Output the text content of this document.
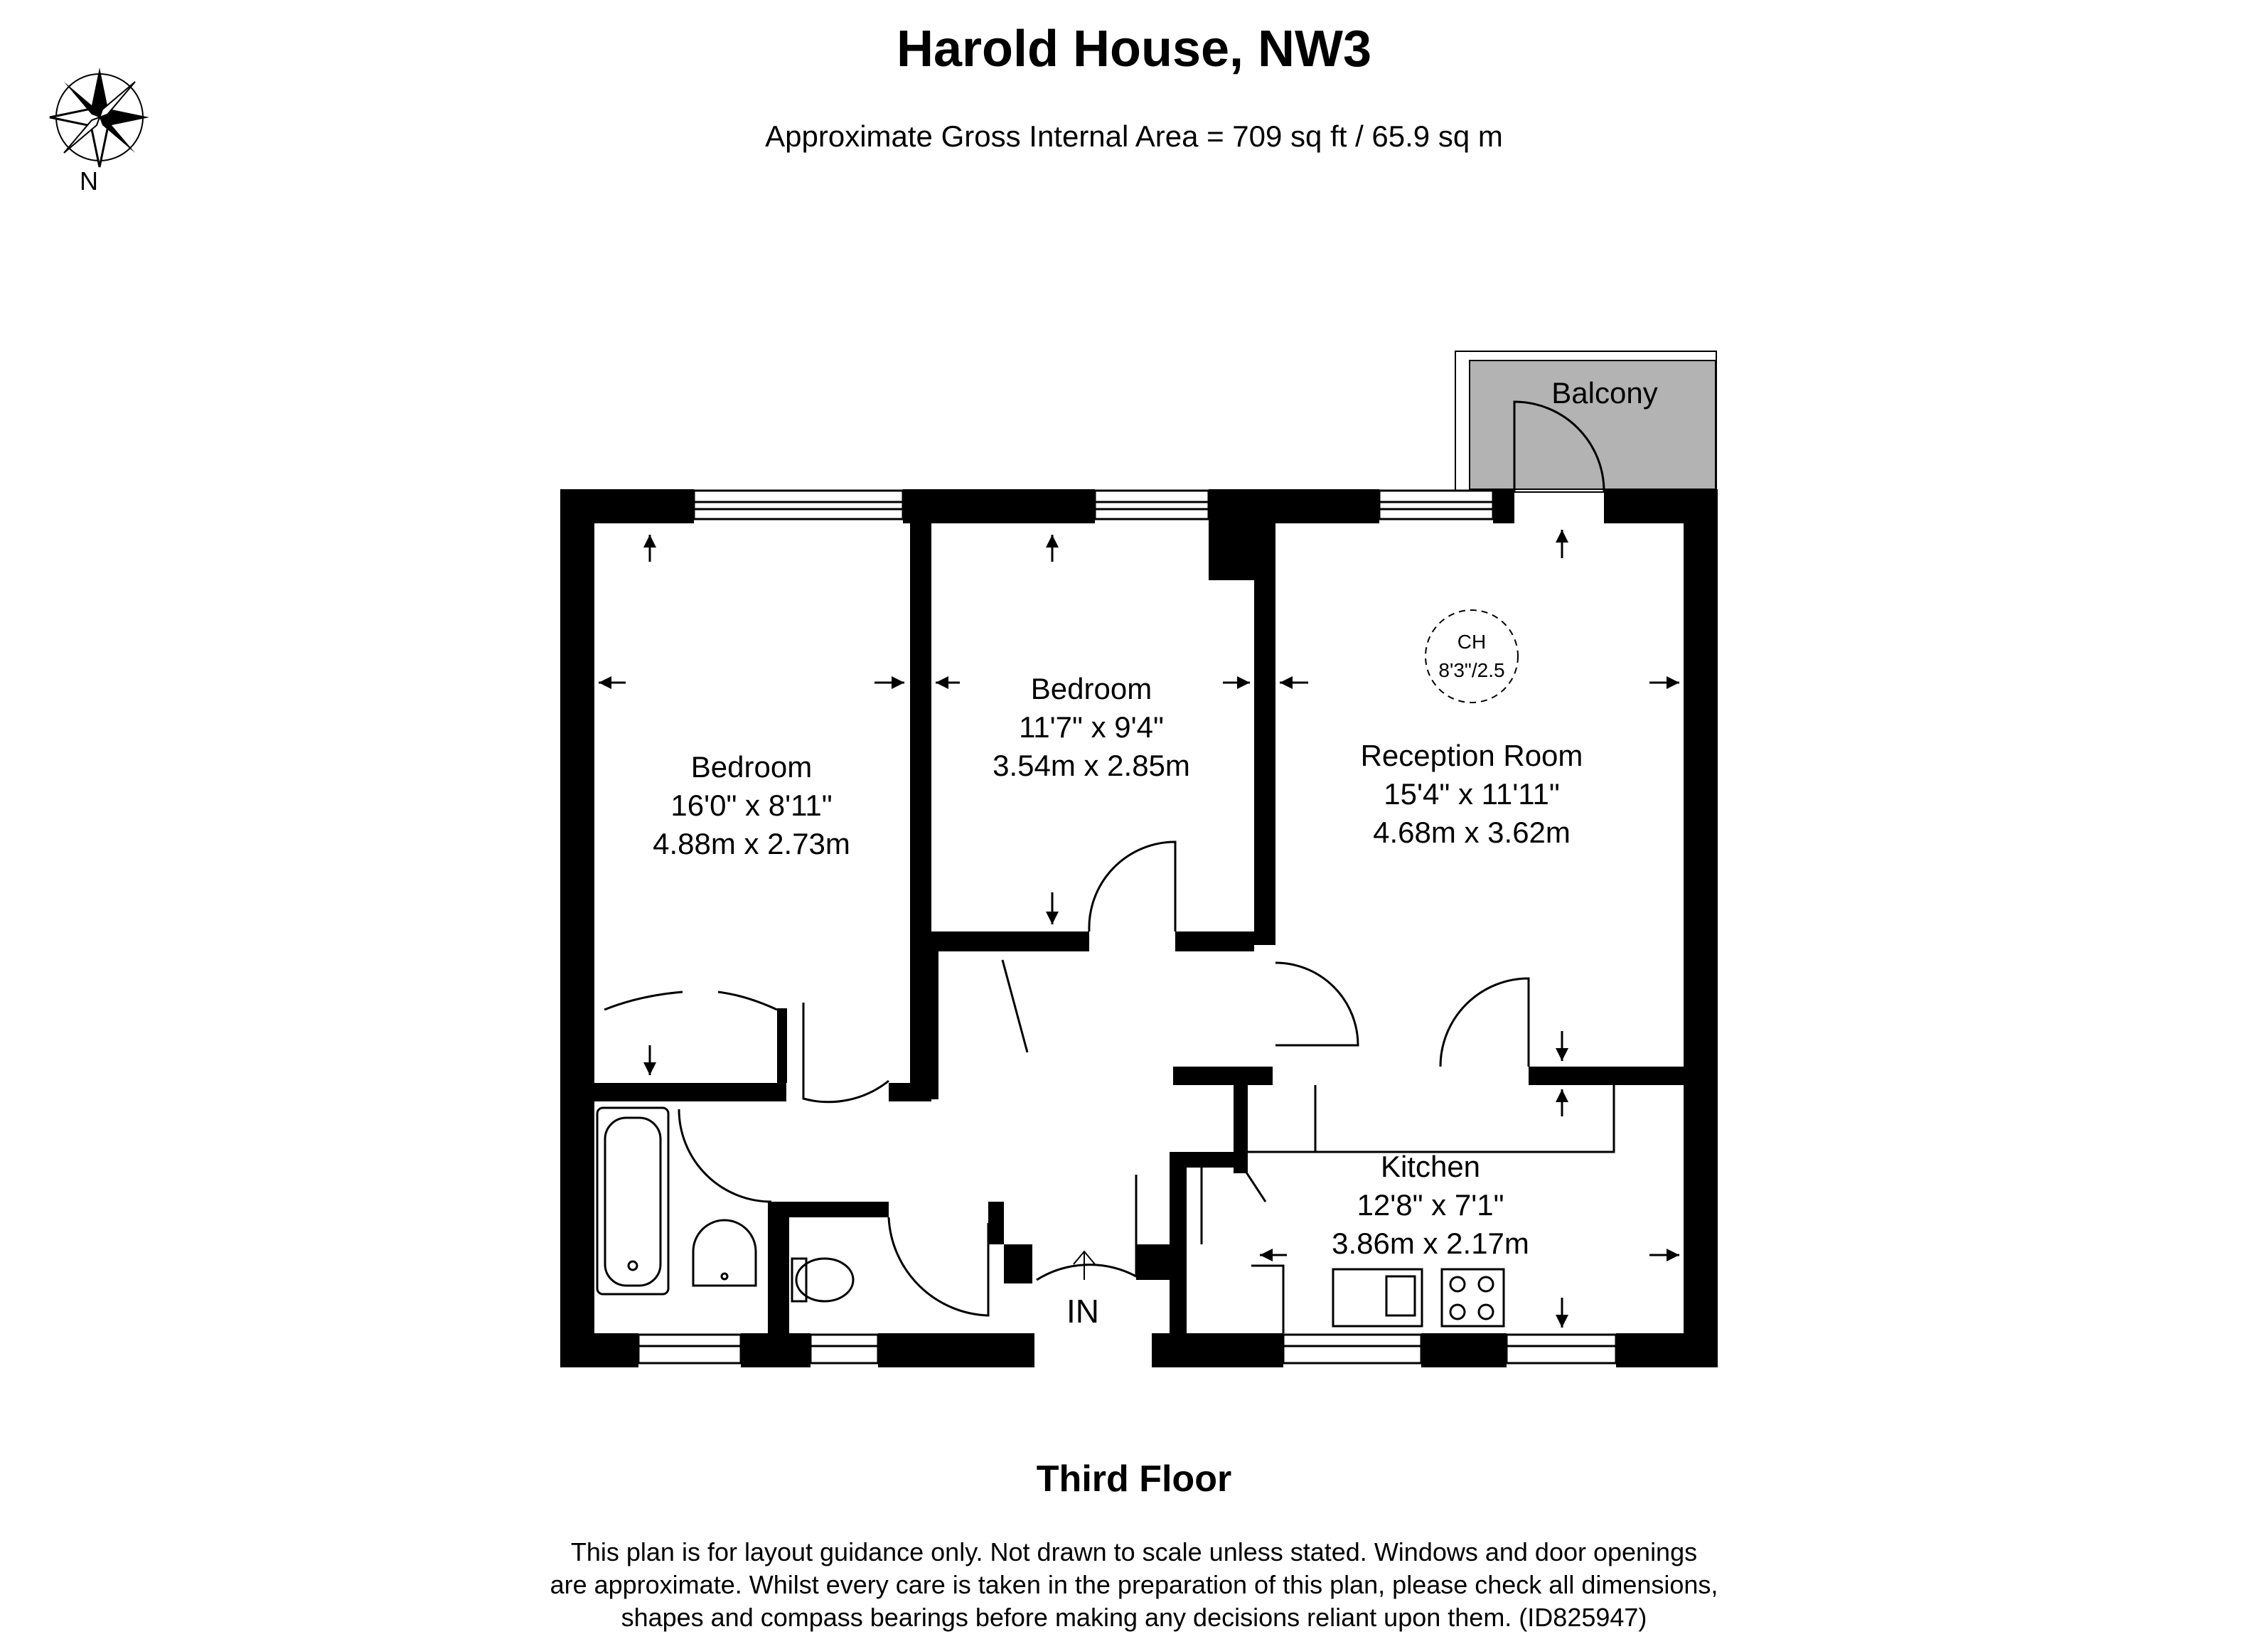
Harold House, NW3

Approximate Gross Internal Area = 709 sq ft / 65.9 sq m

N
Balcony
IN
CH
8'3"/2.5
Bedroom
16'0" x 8'11"
4.88m x 2.73m
Bedroom
11'7" x 9'4"
3.54m x 2.85m	Reception Room
15'4" x 11'11"
4.68m x 3.62m
Kitchen
12'8" x 7'1"
3.86m x 2.17m

Third Floor

This plan is for layout guidance only. Not drawn to scale unless stated. Windows and door openings
are approximate. Whilst every care is taken in the preparation of this plan, please check all dimensions,
shapes and compass bearings before making any decisions reliant upon them. (ID825947)
